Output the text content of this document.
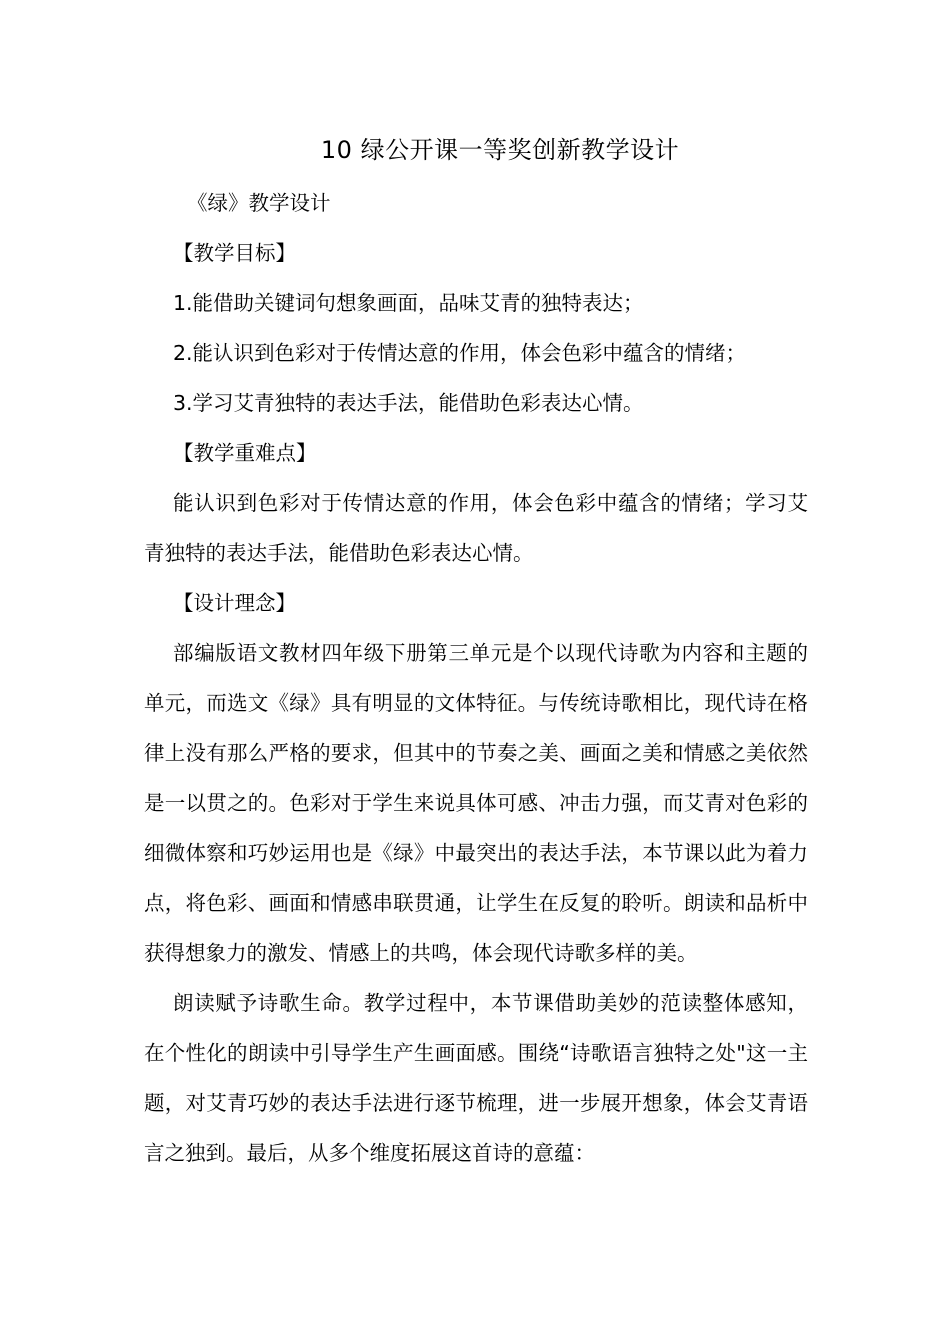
10 绿公开课一等奖创新教学设计

《绿》教学设计

【教学目标】

1.能借助关键词句想象画面，品味艾青的独特表达；

2.能认识到色彩对于传情达意的作用，体会色彩中蕴含的情绪；

3.学习艾青独特的表达手法，能借助色彩表达心情。

【教学重难点】

能认识到色彩对于传情达意的作用，体会色彩中蕴含的情绪；学习艾青独特的表达手法，能借助色彩表达心情。

【设计理念】

部编版语文教材四年级下册第三单元是个以现代诗歌为内容和主题的单元，而选文《绿》具有明显的文体特征。与传统诗歌相比，现代诗在格律上没有那么严格的要求，但其中的节奏之美、画面之美和情感之美依然是一以贯之的。色彩对于学生来说具体可感、冲击力强，而艾青对色彩的细微体察和巧妙运用也是《绿》中最突出的表达手法，本节课以此为着力点，将色彩、画面和情感串联贯通，让学生在反复的聆听。朗读和品析中获得想象力的激发、情感上的共鸣，体会现代诗歌多样的美。

朗读赋予诗歌生命。教学过程中，本节课借助美妙的范读整体感知，在个性化的朗读中引导学生产生画面感。围绕“诗歌语言独特之处"这一主题，对艾青巧妙的表达手法进行逐节梳理，进一步展开想象，体会艾青语言之独到。最后，从多个维度拓展这首诗的意蕴：
